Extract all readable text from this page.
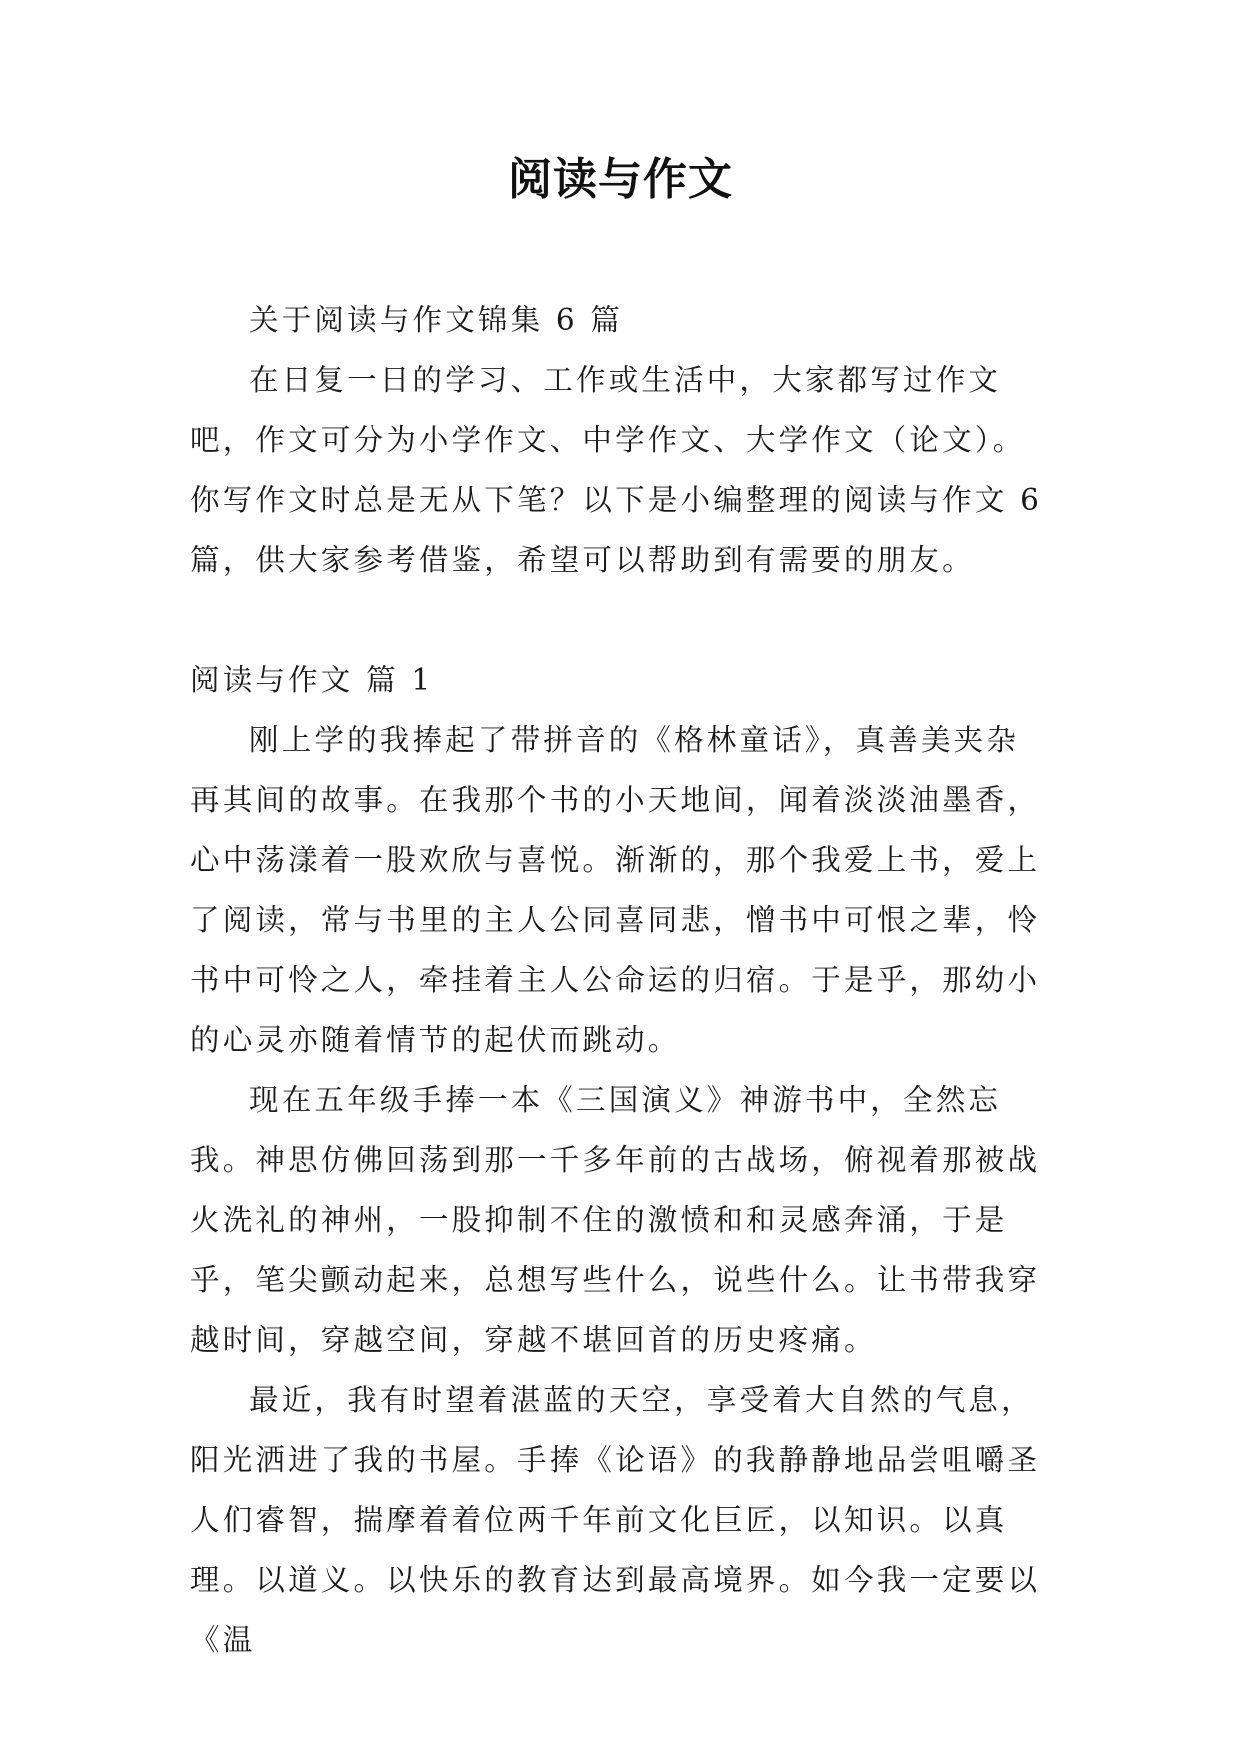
阅读与作文

关于阅读与作文锦集 6 篇

在日复一日的学习、工作或生活中，大家都写过作文吧，作文可分为小学作文、中学作文、大学作文（论文）。你写作文时总是无从下笔？以下是小编整理的阅读与作文 6 篇，供大家参考借鉴，希望可以帮助到有需要的朋友。

阅读与作文 篇 1

刚上学的我捧起了带拼音的《格林童话》，真善美夹杂再其间的故事。在我那个书的小天地间，闻着淡淡油墨香，心中荡漾着一股欢欣与喜悦。渐渐的，那个我爱上书，爱上了阅读，常与书里的主人公同喜同悲，憎书中可恨之辈，怜书中可怜之人，牵挂着主人公命运的归宿。于是乎，那幼小的心灵亦随着情节的起伏而跳动。

现在五年级手捧一本《三国演义》神游书中，全然忘我。神思仿佛回荡到那一千多年前的古战场，俯视着那被战火洗礼的神州，一股抑制不住的激愤和和灵感奔涌，于是乎，笔尖颤动起来，总想写些什么，说些什么。让书带我穿越时间，穿越空间，穿越不堪回首的历史疼痛。

最近，我有时望着湛蓝的天空，享受着大自然的气息，阳光洒进了我的书屋。手捧《论语》的我静静地品尝咀嚼圣人们睿智，揣摩着着位两千年前文化巨匠，以知识。以真理。以道义。以快乐的教育达到最高境界。如今我一定要以《温
